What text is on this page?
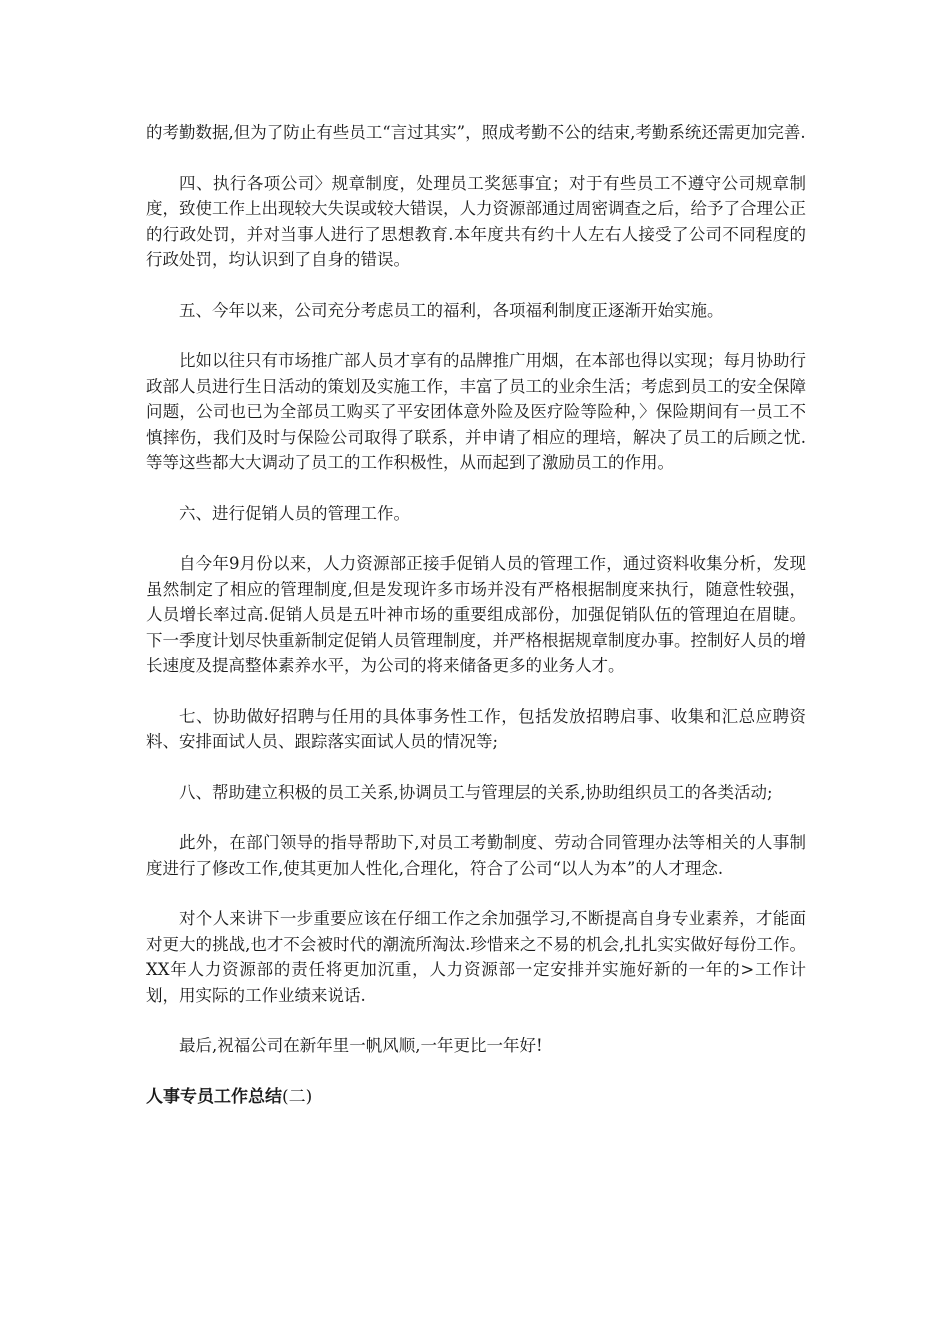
的考勤数据,但为了防止有些员工“言过其实”，照成考勤不公的结束,考勤系统还需更加完善.

四、执行各项公司〉规章制度，处理员工奖惩事宜；对于有些员工不遵守公司规章制度，致使工作上出现较大失误或较大错误，人力资源部通过周密调查之后，给予了合理公正的行政处罚，并对当事人进行了思想教育.本年度共有约十人左右人接受了公司不同程度的行政处罚，均认识到了自身的错误。

五、今年以来，公司充分考虑员工的福利，各项福利制度正逐渐开始实施。

比如以往只有市场推广部人员才享有的品牌推广用烟，在本部也得以实现；每月协助行政部人员进行生日活动的策划及实施工作，丰富了员工的业余生活；考虑到员工的安全保障问题，公司也已为全部员工购买了平安团体意外险及医疗险等险种，〉保险期间有一员工不慎摔伤，我们及时与保险公司取得了联系，并申请了相应的理培，解决了员工的后顾之忧.等等这些都大大调动了员工的工作积极性，从而起到了激励员工的作用。

六、进行促销人员的管理工作。

自今年9月份以来，人力资源部正接手促销人员的管理工作，通过资料收集分析，发现虽然制定了相应的管理制度,但是发现许多市场并没有严格根据制度来执行，随意性较强，人员增长率过高.促销人员是五叶神市场的重要组成部份，加强促销队伍的管理迫在眉睫。下一季度计划尽快重新制定促销人员管理制度，并严格根据规章制度办事。控制好人员的增长速度及提高整体素养水平，为公司的将来储备更多的业务人才。

七、协助做好招聘与任用的具体事务性工作，包括发放招聘启事、收集和汇总应聘资料、安排面试人员、跟踪落实面试人员的情况等;

八、帮助建立积极的员工关系,协调员工与管理层的关系,协助组织员工的各类活动;

此外，在部门领导的指导帮助下,对员工考勤制度、劳动合同管理办法等相关的人事制度进行了修改工作,使其更加人性化,合理化，符合了公司“以人为本”的人才理念.

对个人来讲下一步重要应该在仔细工作之余加强学习,不断提高自身专业素养，才能面对更大的挑战,也才不会被时代的潮流所淘汰.珍惜来之不易的机会,扎扎实实做好每份工作。XX年人力资源部的责任将更加沉重，人力资源部一定安排并实施好新的一年的>工作计划，用实际的工作业绩来说话.

最后,祝福公司在新年里一帆风顺,一年更比一年好!

人事专员工作总结(二)
